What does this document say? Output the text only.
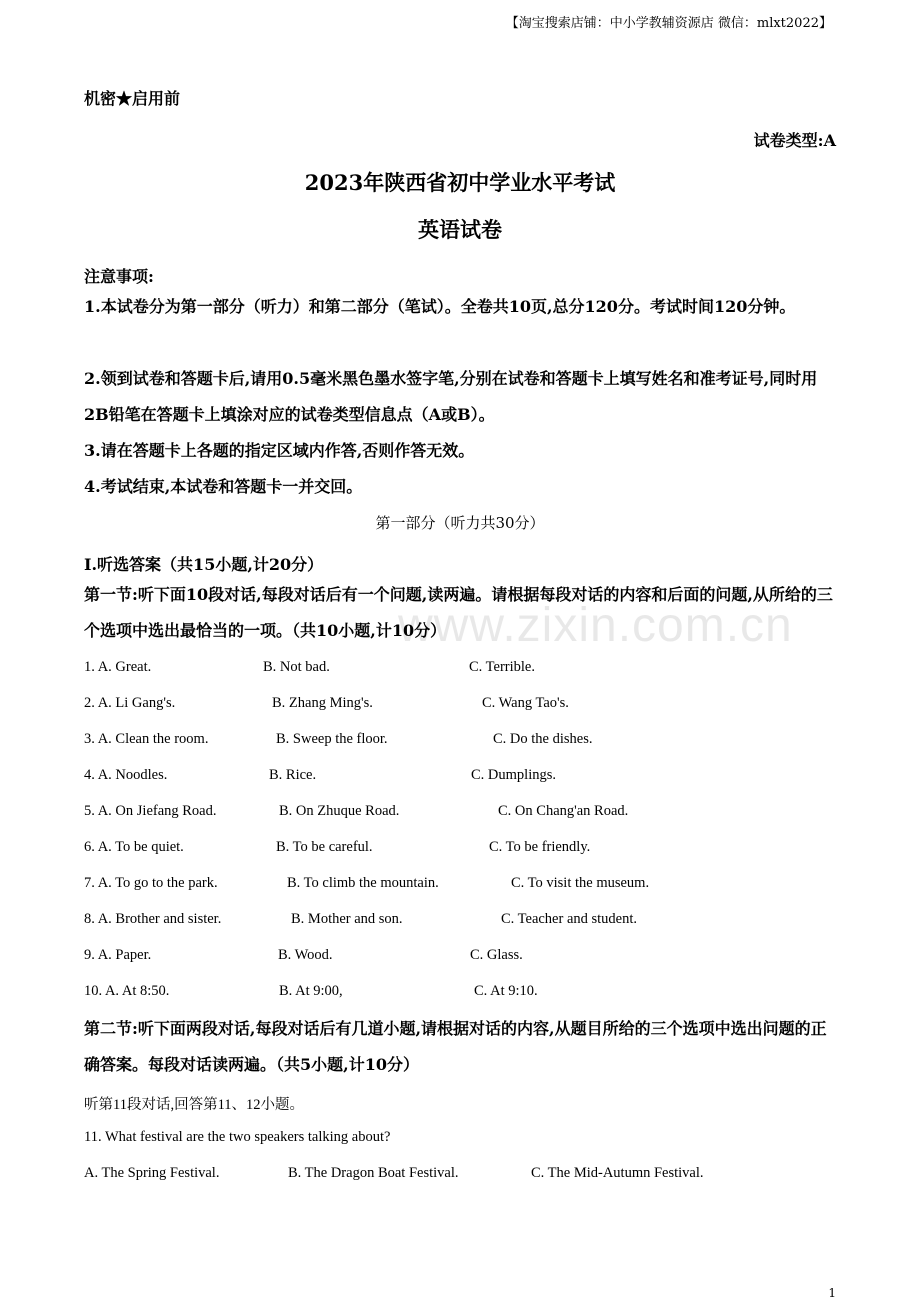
【淘宝搜索店铺：中小学教辅资源店 微信：mlxt2022】
机密★启用前
试卷类型:A
2023年陕西省初中学业水平考试
英语试卷
注意事项:
1.本试卷分为第一部分（听力）和第二部分（笔试）。全卷共10页,总分120分。考试时间120分钟。
2.领到试卷和答题卡后,请用0.5毫米黑色墨水签字笔,分别在试卷和答题卡上填写姓名和准考证号,同时用2B铅笔在答题卡上填涂对应的试卷类型信息点（A或B）。
3.请在答题卡上各题的指定区域内作答,否则作答无效。
4.考试结束,本试卷和答题卡一并交回。
第一部分（听力共30分）
I.听选答案（共15小题,计20分）
第一节:听下面10段对话,每段对话后有一个问题,读两遍。请根据每段对话的内容和后面的问题,从所给的三个选项中选出最恰当的一项。（共10小题,计10分）
www.zixin.com.cn
1. A. Great.	B. Not bad.	C. Terrible.
2. A. Li Gang's.	B. Zhang Ming's.	C. Wang Tao's.
3. A. Clean the room.	B. Sweep the floor.	C. Do the dishes.
4. A. Noodles.	B. Rice.	C. Dumplings.
5. A. On Jiefang Road.	B. On Zhuque Road.	C. On Chang'an Road.
6. A. To be quiet.	B. To be careful.	C. To be friendly.
7. A. To go to the park.	B. To climb the mountain.	C. To visit the museum.
8. A. Brother and sister.	B. Mother and son.	C. Teacher and student.
9. A. Paper.	B. Wood.	C. Glass.
10. A. At 8:50.	B. At 9:00,	C. At 9:10.
第二节:听下面两段对话,每段对话后有几道小题,请根据对话的内容,从题目所给的三个选项中选出问题的正确答案。每段对话读两遍。（共5小题,计10分）
听第11段对话,回答第11、12小题。
11. What festival are the two speakers talking about?
A. The Spring Festival.	B. The Dragon Boat Festival.	C. The Mid-Autumn Festival.
1
